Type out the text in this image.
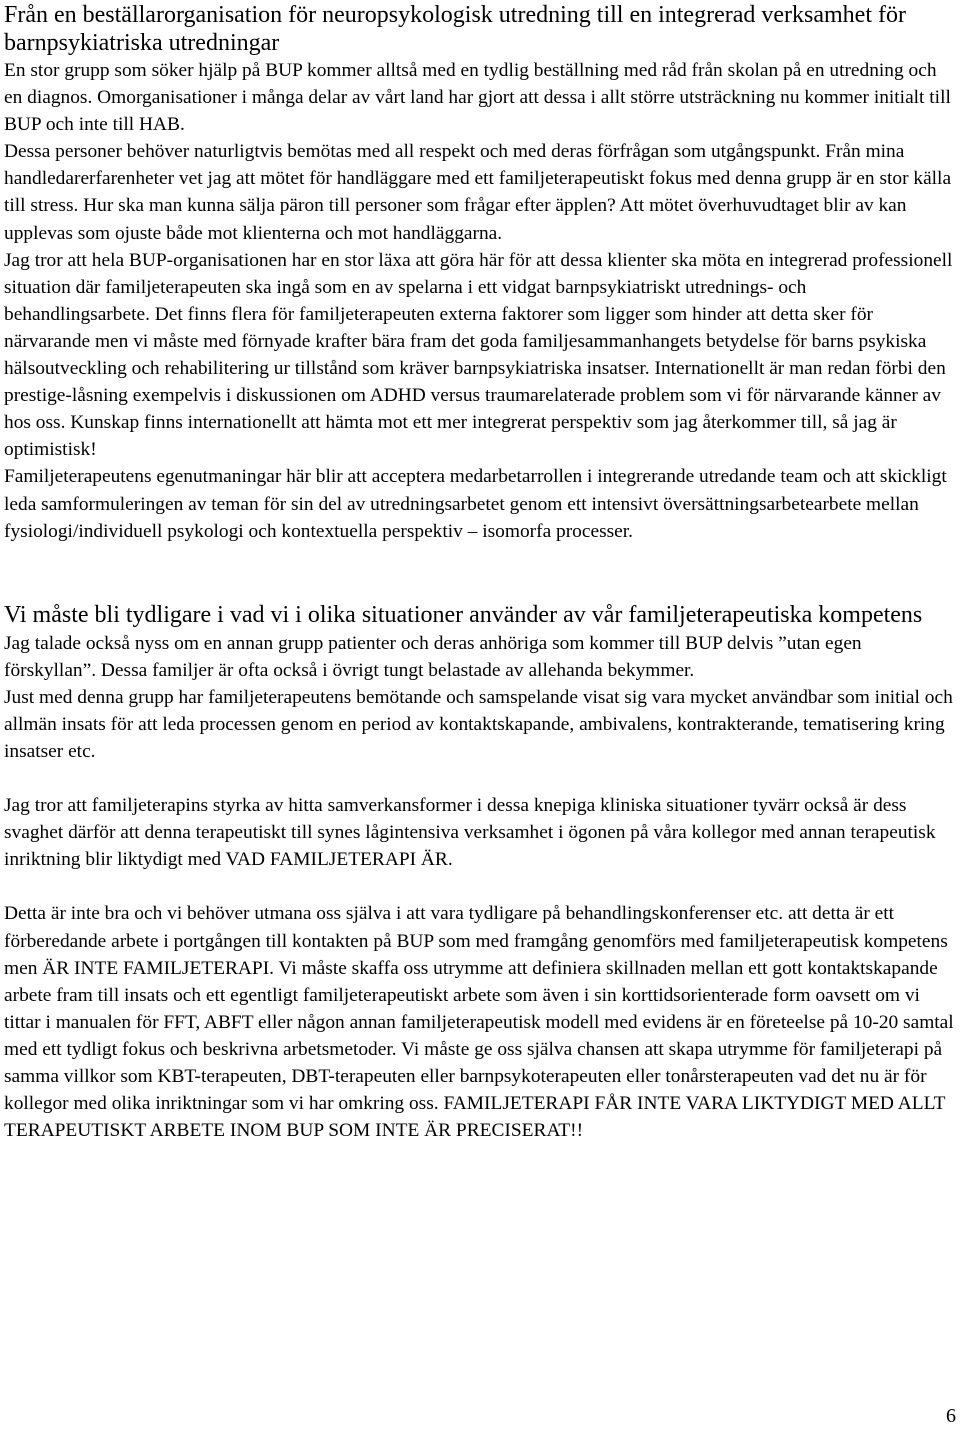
Från en beställarorganisation för neuropsykologisk utredning till en integrerad verksamhet för barnpsykiatriska utredningar

En stor grupp som söker hjälp på BUP kommer alltså med en tydlig beställning med råd från skolan på en utredning och en diagnos. Omorganisationer i många delar av vårt land har gjort att dessa i allt större utsträckning nu kommer initialt till BUP och inte till HAB.

Dessa personer behöver naturligtvis bemötas med all respekt och med deras förfrågan som utgångspunkt. Från mina handledarerfarenheter vet jag att mötet för handläggare med ett familjeterapeutiskt fokus med denna grupp är en stor källa till stress. Hur ska man kunna sälja päron till personer som frågar efter äpplen? Att mötet överhuvudtaget blir av kan upplevas som ojuste både mot klienterna och mot handläggarna.

Jag tror att hela BUP-organisationen har en stor läxa att göra här för att dessa klienter ska möta en integrerad professionell situation där familjeterapeuten ska ingå som en av spelarna i ett vidgat barnpsykiatriskt utrednings- och behandlingsarbete. Det finns flera för familjeterapeuten externa faktorer som ligger som hinder att detta sker för närvarande men vi måste med förnyade krafter bära fram det goda familjesammanhangets betydelse för barns psykiska hälsoutveckling och rehabilitering ur tillstånd som kräver barnpsykiatriska insatser. Internationellt är man redan förbi den prestige-låsning exempelvis i diskussionen om ADHD versus traumarelaterade problem som vi för närvarande känner av hos oss. Kunskap finns internationellt att hämta mot ett mer integrerat perspektiv som jag återkommer till, så jag är optimistisk!

Familjeterapeutens egenutmaningar här blir att acceptera medarbetarrollen i integrerande utredande team och att skickligt leda samformuleringen av teman för sin del av utredningsarbetet genom ett intensivt översättningsarbetearbete mellan fysiologi/individuell psykologi och kontextuella perspektiv – isomorfa processer.

Vi måste bli tydligare i vad vi i olika situationer använder av vår familjeterapeutiska kompetens

Jag talade också nyss om en annan grupp patienter och deras anhöriga som kommer till BUP delvis ”utan egen förskyllan”. Dessa familjer är ofta också i övrigt tungt belastade av allehanda bekymmer.

Just med denna grupp har familjeterapeutens bemötande och samspelande visat sig vara mycket användbar som initial och allmän insats för att leda processen genom en period av kontaktskapande, ambivalens, kontrakterande, tematisering kring insatser etc.

Jag tror att familjeterapins styrka av hitta samverkansformer i dessa knepiga kliniska situationer tyvärr också är dess svaghet därför att denna terapeutiskt till synes lågintensiva verksamhet i ögonen på våra kollegor med annan terapeutisk inriktning blir liktydigt med VAD FAMILJETERAPI ÄR.

Detta är inte bra och vi behöver utmana oss själva i att vara tydligare på behandlingskonferenser etc. att detta är ett förberedande arbete i portgången till kontakten på BUP som med framgång genomförs med familjeterapeutisk kompetens men ÄR INTE FAMILJETERAPI. Vi måste skaffa oss utrymme att definiera skillnaden mellan ett gott kontaktskapande arbete fram till insats och ett egentligt familjeterapeutiskt arbete som även i sin korttidsorienterade form oavsett om vi tittar i manualen för FFT, ABFT eller någon annan familjeterapeutisk modell med evidens är en företeelse på 10-20 samtal med ett tydligt fokus och beskrivna arbetsmetoder. Vi måste ge oss själva chansen att skapa utrymme för familjeterapi på samma villkor som KBT-terapeuten, DBT-terapeuten eller barnpsykoterapeuten eller tonårsterapeuten vad det nu är för kollegor med olika inriktningar som vi har omkring oss. FAMILJETERAPI FÅR INTE VARA LIKTYDIGT MED ALLT TERAPEUTISKT ARBETE INOM BUP SOM INTE ÄR PRECISERAT!!

6
